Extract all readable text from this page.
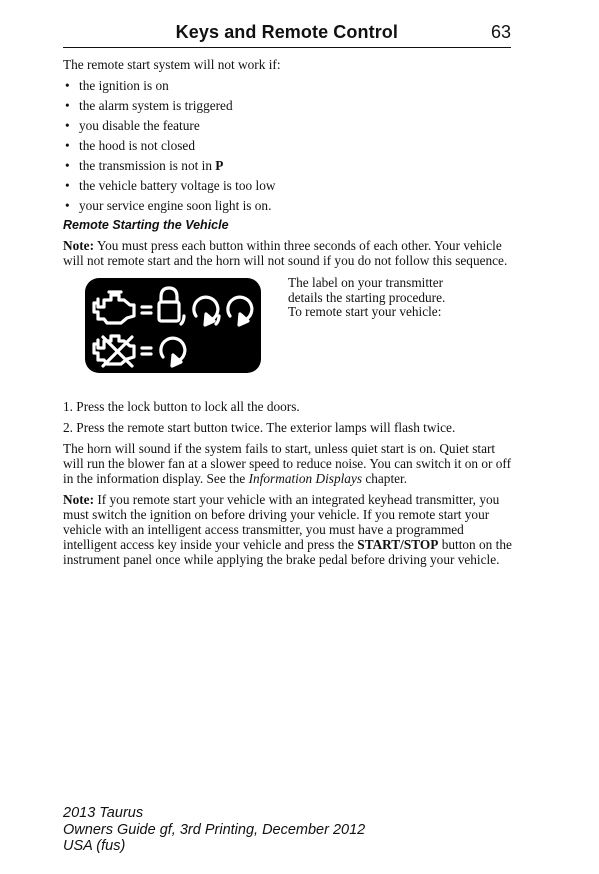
Keys and Remote Control	63

The remote start system will not work if:

• the ignition is on
• the alarm system is triggered
• you disable the feature
• the hood is not closed
• the transmission is not in P
• the vehicle battery voltage is too low
• your service engine soon light is on.
Remote Starting the Vehicle

Note: You must press each button within three seconds of each other. Your vehicle will not remote start and the horn will not sound if you do not follow this sequence.

The label on your transmitter
details the starting procedure.
To remote start your vehicle:

1. Press the lock button to lock all the doors.

2. Press the remote start button twice. The exterior lamps will flash twice.

The horn will sound if the system fails to start, unless quiet start is on. Quiet start will run the blower fan at a slower speed to reduce noise. You can switch it on or off in the information display. See the Information Displays chapter.

Note: If you remote start your vehicle with an integrated keyhead transmitter, you must switch the ignition on before driving your vehicle. If you remote start your vehicle with an intelligent access transmitter, you must have a programmed intelligent access key inside your vehicle and press the START/STOP button on the instrument panel once while applying the brake pedal before driving your vehicle.

2013 Taurus
Owners Guide gf, 3rd Printing, December 2012
USA (fus)
